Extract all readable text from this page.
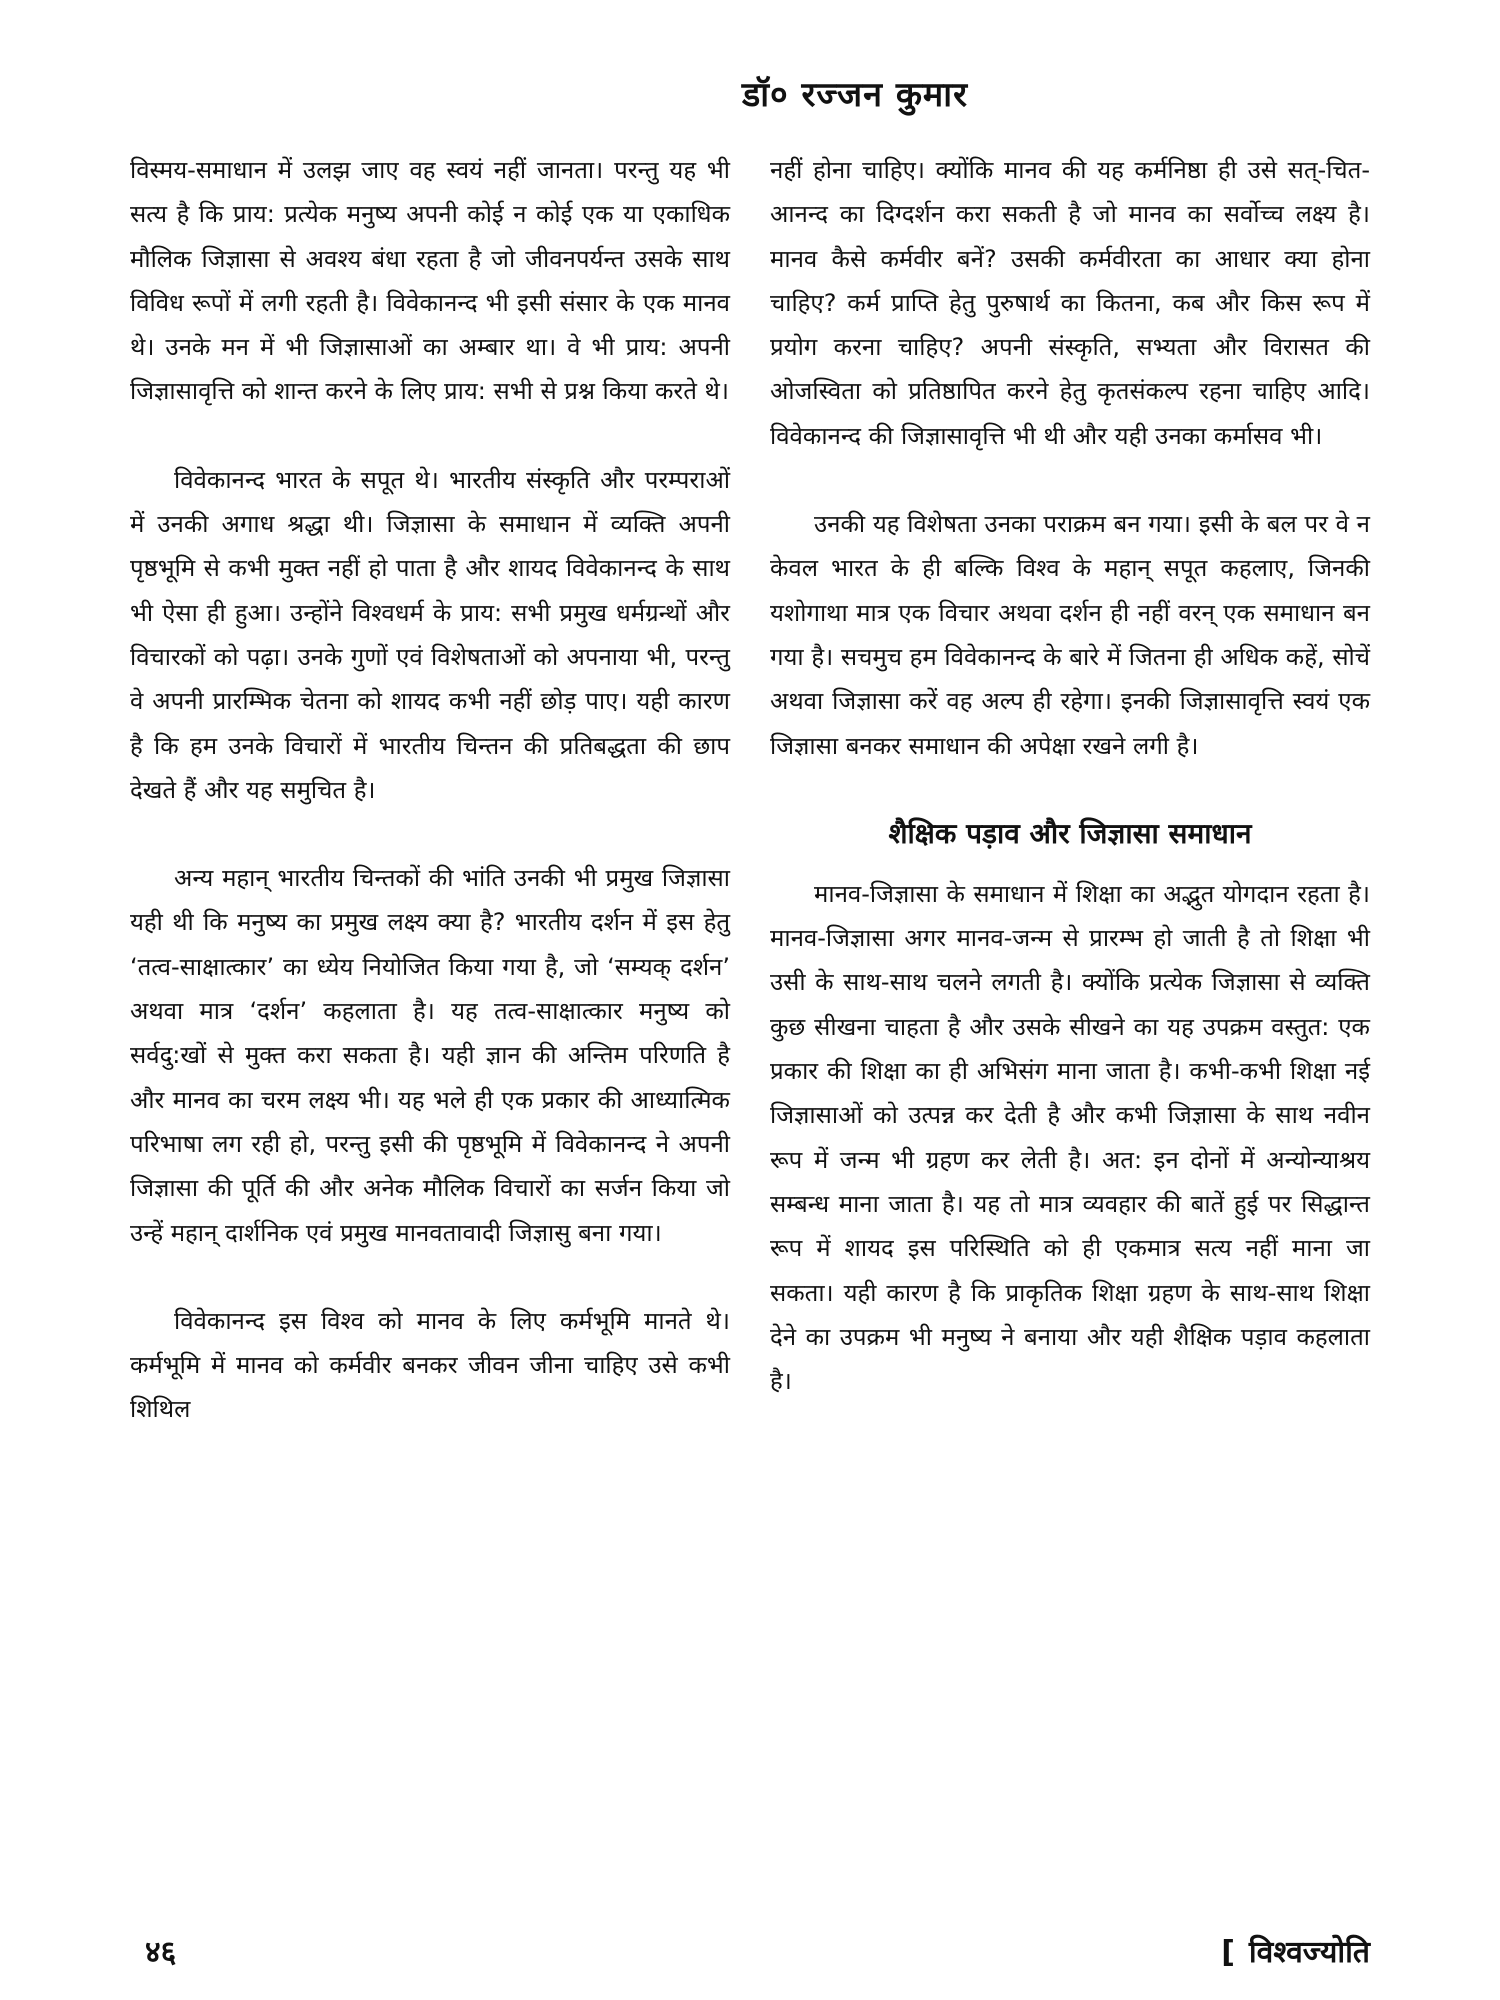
डॉ० रज्जन कुमार

विस्मय-समाधान में उलझ जाए वह स्वयं नहीं जानता। परन्तु यह भी सत्य है कि प्राय: प्रत्येक मनुष्य अपनी कोई न कोई एक या एकाधिक मौलिक जिज्ञासा से अवश्य बंधा रहता है जो जीवनपर्यन्त उसके साथ विविध रूपों में लगी रहती है। विवेकानन्द भी इसी संसार के एक मानव थे। उनके मन में भी जिज्ञासाओं का अम्बार था। वे भी प्राय: अपनी जिज्ञासावृत्ति को शान्त करने के लिए प्राय: सभी से प्रश्न किया करते थे।

विवेकानन्द भारत के सपूत थे। भारतीय संस्कृति और परम्पराओं में उनकी अगाध श्रद्धा थी। जिज्ञासा के समाधान में व्यक्ति अपनी पृष्ठभूमि से कभी मुक्त नहीं हो पाता है और शायद विवेकानन्द के साथ भी ऐसा ही हुआ। उन्होंने विश्वधर्म के प्राय: सभी प्रमुख धर्मग्रन्थों और विचारकों को पढ़ा। उनके गुणों एवं विशेषताओं को अपनाया भी, परन्तु वे अपनी प्रारम्भिक चेतना को शायद कभी नहीं छोड़ पाए। यही कारण है कि हम उनके विचारों में भारतीय चिन्तन की प्रतिबद्धता की छाप देखते हैं और यह समुचित है।

अन्य महान् भारतीय चिन्तकों की भांति उनकी भी प्रमुख जिज्ञासा यही थी कि मनुष्य का प्रमुख लक्ष्य क्या है? भारतीय दर्शन में इस हेतु ‘तत्व-साक्षात्कार’ का ध्येय नियोजित किया गया है, जो ‘सम्यक् दर्शन’ अथवा मात्र ‘दर्शन’ कहलाता है। यह तत्व-साक्षात्कार मनुष्य को सर्वदु:खों से मुक्त करा सकता है। यही ज्ञान की अन्तिम परिणति है और मानव का चरम लक्ष्य भी। यह भले ही एक प्रकार की आध्यात्मिक परिभाषा लग रही हो, परन्तु इसी की पृष्ठभूमि में विवेकानन्द ने अपनी जिज्ञासा की पूर्ति की और अनेक मौलिक विचारों का सर्जन किया जो उन्हें महान् दार्शनिक एवं प्रमुख मानवतावादी जिज्ञासु बना गया।

विवेकानन्द इस विश्व को मानव के लिए कर्मभूमि मानते थे। कर्मभूमि में मानव को कर्मवीर बनकर जीवन जीना चाहिए उसे कभी शिथिल

नहीं होना चाहिए। क्योंकि मानव की यह कर्मनिष्ठा ही उसे सत्-चित-आनन्द का दिग्दर्शन करा सकती है जो मानव का सर्वोच्च लक्ष्य है। मानव कैसे कर्मवीर बनें? उसकी कर्मवीरता का आधार क्या होना चाहिए? कर्म प्राप्ति हेतु पुरुषार्थ का कितना, कब और किस रूप में प्रयोग करना चाहिए? अपनी संस्कृति, सभ्यता और विरासत की ओजस्विता को प्रतिष्ठापित करने हेतु कृतसंकल्प रहना चाहिए आदि। विवेकानन्द की जिज्ञासावृत्ति भी थी और यही उनका कर्मासव भी।

उनकी यह विशेषता उनका पराक्रम बन गया। इसी के बल पर वे न केवल भारत के ही बल्कि विश्व के महान् सपूत कहलाए, जिनकी यशोगाथा मात्र एक विचार अथवा दर्शन ही नहीं वरन् एक समाधान बन गया है। सचमुच हम विवेकानन्द के बारे में जितना ही अधिक कहें, सोचें अथवा जिज्ञासा करें वह अल्प ही रहेगा। इनकी जिज्ञासावृत्ति स्वयं एक जिज्ञासा बनकर समाधान की अपेक्षा रखने लगी है।

शैक्षिक पड़ाव और जिज्ञासा समाधान

मानव-जिज्ञासा के समाधान में शिक्षा का अद्भुत योगदान रहता है। मानव-जिज्ञासा अगर मानव-जन्म से प्रारम्भ हो जाती है तो शिक्षा भी उसी के साथ-साथ चलने लगती है। क्योंकि प्रत्येक जिज्ञासा से व्यक्ति कुछ सीखना चाहता है और उसके सीखने का यह उपक्रम वस्तुत: एक प्रकार की शिक्षा का ही अभिसंग माना जाता है। कभी-कभी शिक्षा नई जिज्ञासाओं को उत्पन्न कर देती है और कभी जिज्ञासा के साथ नवीन रूप में जन्म भी ग्रहण कर लेती है। अत: इन दोनों में अन्योन्याश्रय सम्बन्ध माना जाता है। यह तो मात्र व्यवहार की बातें हुई पर सिद्धान्त रूप में शायद इस परिस्थिति को ही एकमात्र सत्य नहीं माना जा सकता। यही कारण है कि प्राकृतिक शिक्षा ग्रहण के साथ-साथ शिक्षा देने का उपक्रम भी मनुष्य ने बनाया और यही शैक्षिक पड़ाव कहलाता है।

४६	[ विश्वज्योति
